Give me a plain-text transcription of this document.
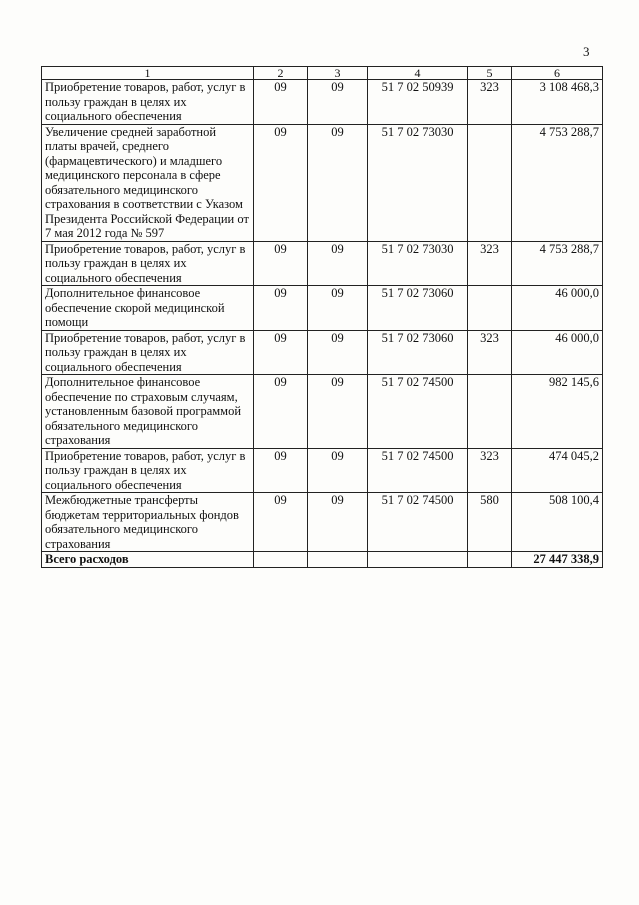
3
1	2	3	4	5	6
Приобретение товаров, работ, услуг в пользу граждан в целях их социального обеспечения	09	09	51 7 02 50939	323	3 108 468,3
Увеличение средней заработной платы врачей, среднего (фармацевтического) и младшего медицинского персонала в сфере обязательного медицинского страхования в соответствии с Указом Президента Российской Федерации от 7 мая 2012 года № 597	09	09	51 7 02 73030		4 753 288,7
Приобретение товаров, работ, услуг в пользу граждан в целях их социального обеспечения	09	09	51 7 02 73030	323	4 753 288,7
Дополнительное финансовое обеспечение скорой медицинской помощи	09	09	51 7 02 73060		46 000,0
Приобретение товаров, работ, услуг в пользу граждан в целях их социального обеспечения	09	09	51 7 02 73060	323	46 000,0
Дополнительное финансовое обеспечение по страховым случаям, установленным базовой программой обязательного медицинского страхования	09	09	51 7 02 74500		982 145,6
Приобретение товаров, работ, услуг в пользу граждан в целях их социального обеспечения	09	09	51 7 02 74500	323	474 045,2
Межбюджетные трансферты бюджетам территориальных фондов обязательного медицинского страхования	09	09	51 7 02 74500	580	508 100,4
Всего расходов					27 447 338,9
